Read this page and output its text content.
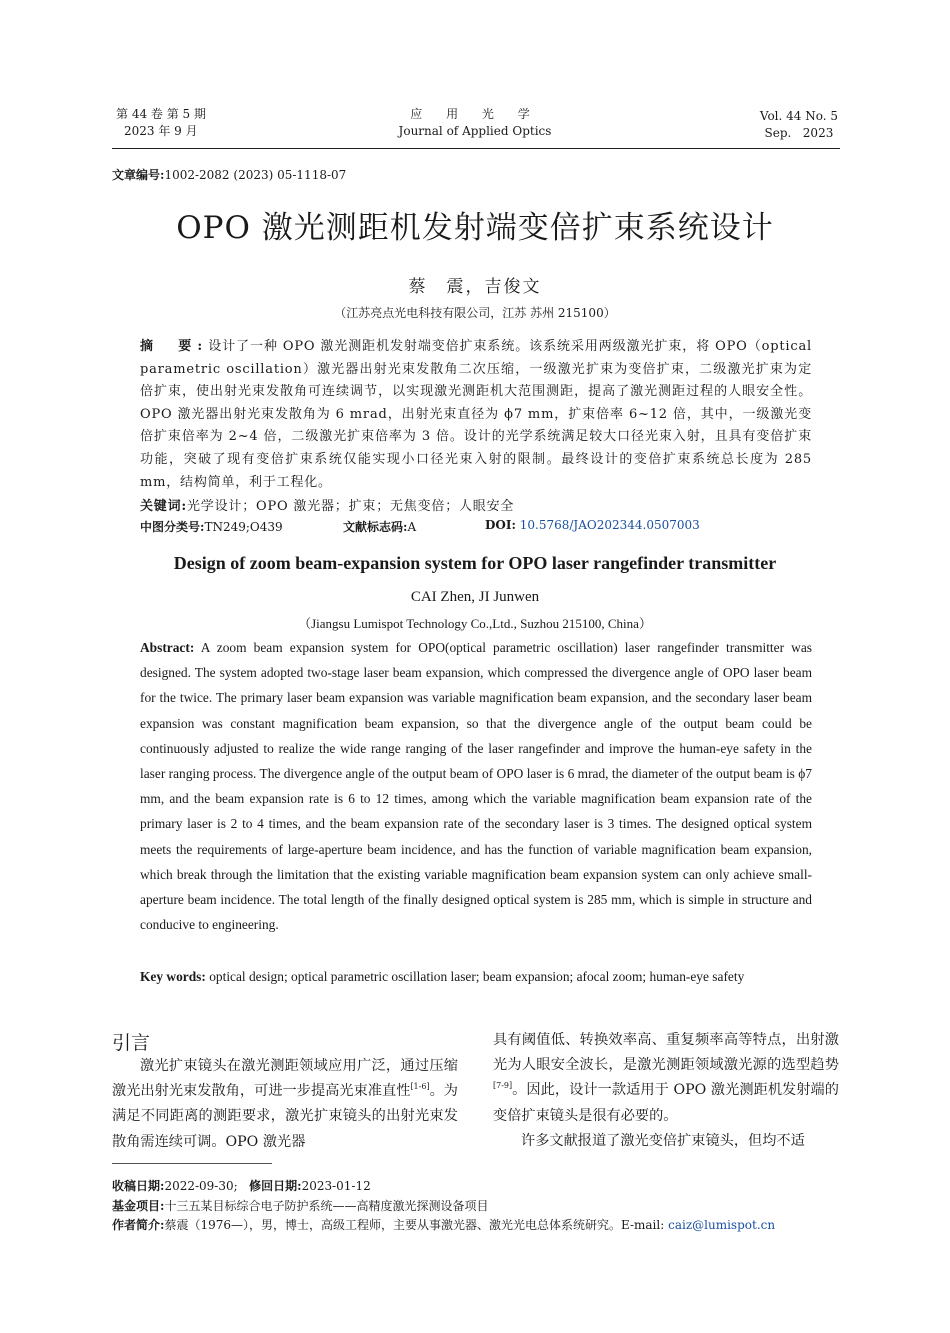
第 44 卷 第 5 期
2023 年 9 月
应 用 光 学
Journal of Applied Optics
Vol. 44 No. 5
Sep.   2023
文章编号:1002-2082 (2023) 05-1118-07
OPO 激光测距机发射端变倍扩束系统设计
蔡　震，吉俊文
（江苏亮点光电科技有限公司，江苏 苏州 215100）
摘　要:设计了一种 OPO 激光测距机发射端变倍扩束系统。该系统采用两级激光扩束，将 OPO（optical parametric oscillation）激光器出射光束发散角二次压缩，一级激光扩束为变倍扩束，二级激光扩束为定倍扩束，使出射光束发散角可连续调节，以实现激光测距机大范围测距，提高了激光测距过程的人眼安全性。OPO 激光器出射光束发散角为 6 mrad，出射光束直径为 ϕ7 mm，扩束倍率 6~12 倍，其中，一级激光变倍扩束倍率为 2~4 倍，二级激光扩束倍率为 3 倍。设计的光学系统满足较大口径光束入射，且具有变倍扩束功能，突破了现有变倍扩束系统仅能实现小口径光束入射的限制。最终设计的变倍扩束系统总长度为 285 mm，结构简单，利于工程化。
关键词:光学设计；OPO 激光器；扩束；无焦变倍；人眼安全
中图分类号:TN249;O439	文献标志码:A	DOI: 10.5768/JAO202344.0507003
Design of zoom beam-expansion system for OPO laser rangefinder transmitter
CAI Zhen, JI Junwen
（Jiangsu Lumispot Technology Co.,Ltd., Suzhou 215100, China）
Abstract: A zoom beam expansion system for OPO(optical parametric oscillation) laser rangefinder transmitter was designed. The system adopted two-stage laser beam expansion, which compressed the divergence angle of OPO laser beam for the twice. The primary laser beam expansion was variable magnification beam expansion, and the secondary laser beam expansion was constant magnification beam expansion, so that the divergence angle of the output beam could be continuously adjusted to realize the wide range ranging of the laser rangefinder and improve the human-eye safety in the laser ranging process. The divergence angle of the output beam of OPO laser is 6 mrad, the diameter of the output beam is ϕ7 mm, and the beam expansion rate is 6 to 12 times, among which the variable magnification beam expansion rate of the primary laser is 2 to 4 times, and the beam expansion rate of the secondary laser is 3 times. The designed optical system meets the requirements of large-aperture beam incidence, and has the function of variable magnification beam expansion, which break through the limitation that the existing variable magnification beam expansion system can only achieve small-aperture beam incidence. The total length of the finally designed optical system is 285 mm, which is simple in structure and conducive to engineering.
Key words: optical design; optical parametric oscillation laser; beam expansion; afocal zoom; human-eye safety
引言

激光扩束镜头在激光测距领域应用广泛，通过压缩激光出射光束发散角，可进一步提高光束准直性[1-6]。为满足不同距离的测距要求，激光扩束镜头的出射光束发散角需连续可调。OPO 激光器

具有阈值低、转换效率高、重复频率高等特点，出射激光为人眼安全波长，是激光测距领域激光源的选型趋势[7-9]。因此，设计一款适用于 OPO 激光测距机发射端的变倍扩束镜头是很有必要的。

许多文献报道了激光变倍扩束镜头，但均不适

收稿日期:2022-09-30; 修回日期:2023-01-12
基金项目:十三五某目标综合电子防护系统——高精度激光探测设备项目
作者简介:蔡震（1976—），男，博士，高级工程师，主要从事激光器、激光光电总体系统研究。E-mail: caiz@lumispot.cn
